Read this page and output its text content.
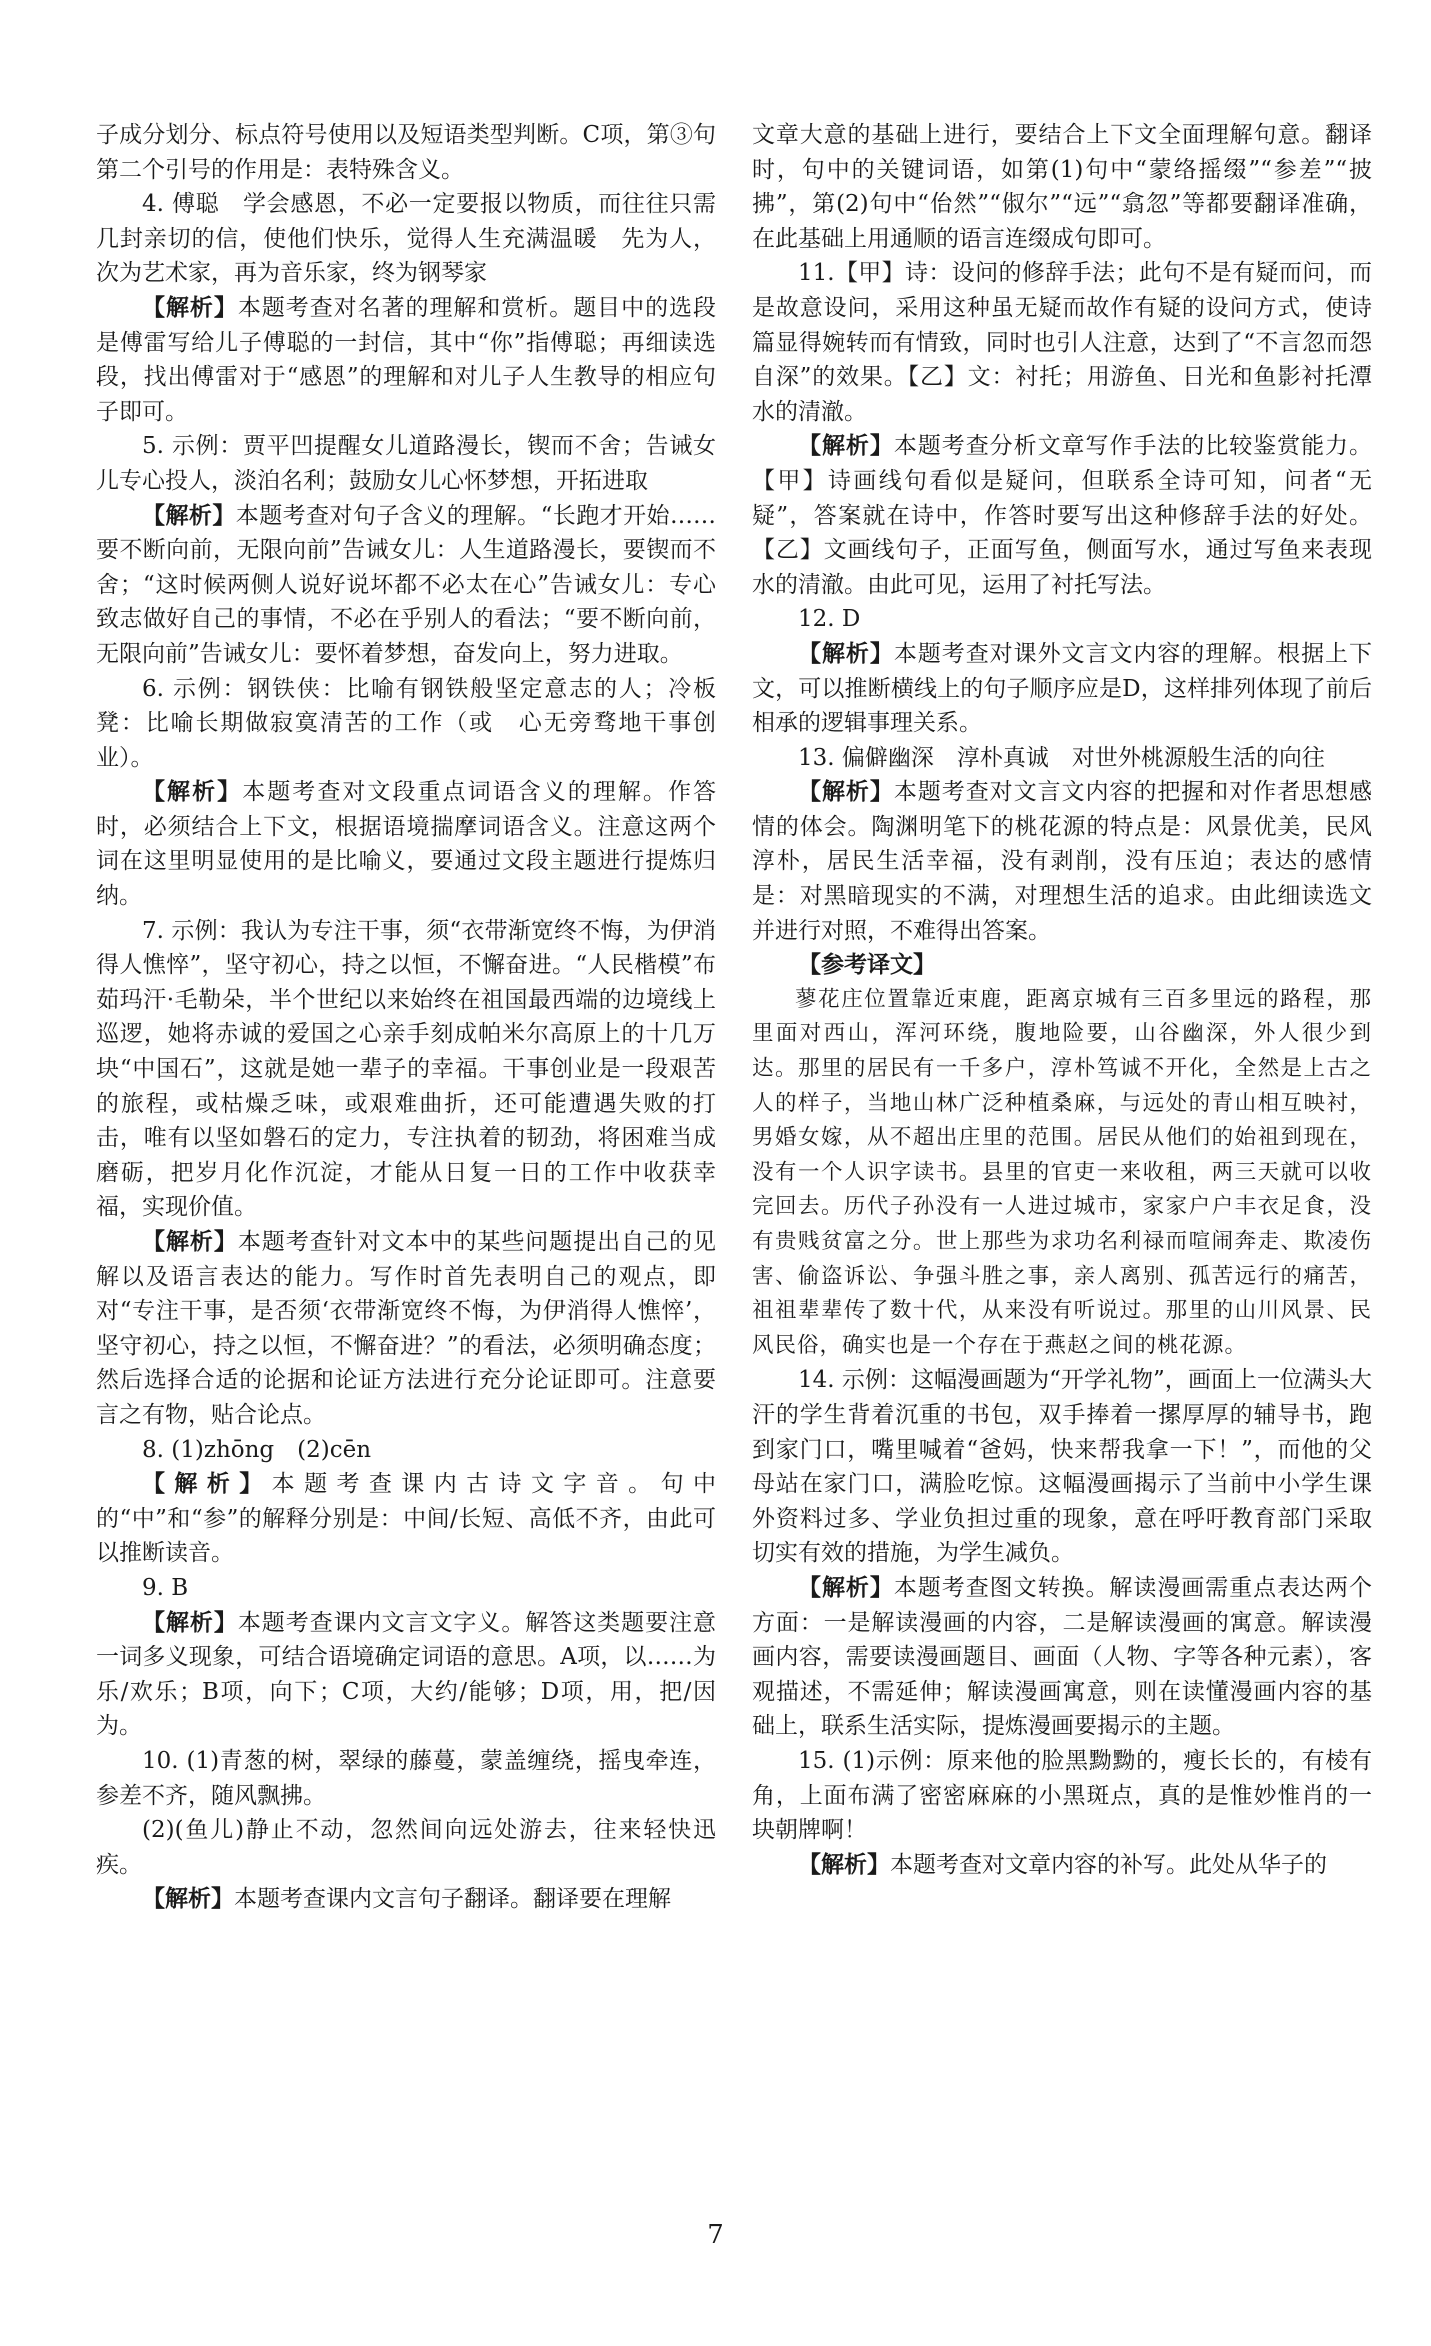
子成分划分、标点符号使用以及短语类型判断。C项，第③句第二个引号的作用是：表特殊含义。

4. 傅聪　学会感恩，不必一定要报以物质，而往往只需几封亲切的信，使他们快乐，觉得人生充满温暖　先为人，次为艺术家，再为音乐家，终为钢琴家

【解析】本题考查对名著的理解和赏析。题目中的选段是傅雷写给儿子傅聪的一封信，其中“你”指傅聪；再细读选段，找出傅雷对于“感恩”的理解和对儿子人生教导的相应句子即可。

5. 示例：贾平凹提醒女儿道路漫长，锲而不舍；告诫女儿专心投人，淡泊名利；鼓励女儿心怀梦想，开拓进取

【解析】本题考查对句子含义的理解。“长跑才开始……要不断向前，无限向前”告诫女儿：人生道路漫长，要锲而不舍；“这时候两侧人说好说坏都不必太在心”告诫女儿：专心致志做好自己的事情，不必在乎别人的看法；“要不断向前，无限向前”告诫女儿：要怀着梦想，奋发向上，努力进取。

6. 示例：钢铁侠：比喻有钢铁般坚定意志的人；冷板凳：比喻长期做寂寞清苦的工作（或　心无旁骛地干事创业）。

【解析】本题考查对文段重点词语含义的理解。作答时，必须结合上下文，根据语境揣摩词语含义。注意这两个词在这里明显使用的是比喻义，要通过文段主题进行提炼归纳。

7. 示例：我认为专注干事，须“衣带渐宽终不悔，为伊消得人憔悴”，坚守初心，持之以恒，不懈奋进。“人民楷模”布茹玛汗·毛勒朵，半个世纪以来始终在祖国最西端的边境线上巡逻，她将赤诚的爱国之心亲手刻成帕米尔高原上的十几万块“中国石”，这就是她一辈子的幸福。干事创业是一段艰苦的旅程，或枯燥乏味，或艰难曲折，还可能遭遇失败的打击，唯有以坚如磐石的定力，专注执着的韧劲，将困难当成磨砺，把岁月化作沉淀，才能从日复一日的工作中收获幸福，实现价值。

【解析】本题考查针对文本中的某些问题提出自己的见解以及语言表达的能力。写作时首先表明自己的观点，即对“专注干事，是否须‘衣带渐宽终不悔，为伊消得人憔悴’，坚守初心，持之以恒，不懈奋进？”的看法，必须明确态度；然后选择合适的论据和论证方法进行充分论证即可。注意要言之有物，贴合论点。

8. (1)zhōng　(2)cēn

【解析】本题考查课内古诗文字音。句中的“中”和“参”的解释分别是：中间/长短、高低不齐，由此可以推断读音。

9. B

【解析】本题考查课内文言文字义。解答这类题要注意一词多义现象，可结合语境确定词语的意思。A项，以……为乐/欢乐；B项，向下；C项，大约/能够；D项，用，把/因为。

10. (1)青葱的树，翠绿的藤蔓，蒙盖缠绕，摇曳牵连，参差不齐，随风飘拂。

(2)(鱼儿)静止不动，忽然间向远处游去，往来轻快迅疾。

【解析】本题考查课内文言句子翻译。翻译要在理解

文章大意的基础上进行，要结合上下文全面理解句意。翻译时，句中的关键词语，如第(1)句中“蒙络摇缀”“参差”“披拂”，第(2)句中“佁然”“俶尔”“远”“翕忽”等都要翻译准确，在此基础上用通顺的语言连缀成句即可。

11.【甲】诗：设问的修辞手法；此句不是有疑而问，而是故意设问，采用这种虽无疑而故作有疑的设问方式，使诗篇显得婉转而有情致，同时也引人注意，达到了“不言忽而怨自深”的效果。【乙】文：衬托；用游鱼、日光和鱼影衬托潭水的清澈。

【解析】本题考查分析文章写作手法的比较鉴赏能力。【甲】诗画线句看似是疑问，但联系全诗可知，问者“无疑”，答案就在诗中，作答时要写出这种修辞手法的好处。【乙】文画线句子，正面写鱼，侧面写水，通过写鱼来表现水的清澈。由此可见，运用了衬托写法。

12. D

【解析】本题考查对课外文言文内容的理解。根据上下文，可以推断横线上的句子顺序应是D，这样排列体现了前后相承的逻辑事理关系。

13. 偏僻幽深　淳朴真诚　对世外桃源般生活的向往

【解析】本题考查对文言文内容的把握和对作者思想感情的体会。陶渊明笔下的桃花源的特点是：风景优美，民风淳朴，居民生活幸福，没有剥削，没有压迫；表达的感情是：对黑暗现实的不满，对理想生活的追求。由此细读选文并进行对照，不难得出答案。

【参考译文】

蓼花庄位置靠近束鹿，距离京城有三百多里远的路程，那里面对西山，浑河环绕，腹地险要，山谷幽深，外人很少到达。那里的居民有一千多户，淳朴笃诚不开化，全然是上古之人的样子，当地山林广泛种植桑麻，与远处的青山相互映衬，男婚女嫁，从不超出庄里的范围。居民从他们的始祖到现在，没有一个人识字读书。县里的官吏一来收租，两三天就可以收完回去。历代子孙没有一人进过城市，家家户户丰衣足食，没有贵贱贫富之分。世上那些为求功名利禄而喧闹奔走、欺凌伤害、偷盗诉讼、争强斗胜之事，亲人离别、孤苦远行的痛苦，祖祖辈辈传了数十代，从来没有听说过。那里的山川风景、民风民俗，确实也是一个存在于燕赵之间的桃花源。

14. 示例：这幅漫画题为“开学礼物”，画面上一位满头大汗的学生背着沉重的书包，双手捧着一摞厚厚的辅导书，跑到家门口，嘴里喊着“爸妈，快来帮我拿一下！”，而他的父母站在家门口，满脸吃惊。这幅漫画揭示了当前中小学生课外资料过多、学业负担过重的现象，意在呼吁教育部门采取切实有效的措施，为学生减负。

【解析】本题考查图文转换。解读漫画需重点表达两个方面：一是解读漫画的内容，二是解读漫画的寓意。解读漫画内容，需要读漫画题目、画面（人物、字等各种元素），客观描述，不需延伸；解读漫画寓意，则在读懂漫画内容的基础上，联系生活实际，提炼漫画要揭示的主题。

15. (1)示例：原来他的脸黑黝黝的，瘦长长的，有棱有角，上面布满了密密麻麻的小黑斑点，真的是惟妙惟肖的一块朝牌啊！

【解析】本题考查对文章内容的补写。此处从华子的

7
